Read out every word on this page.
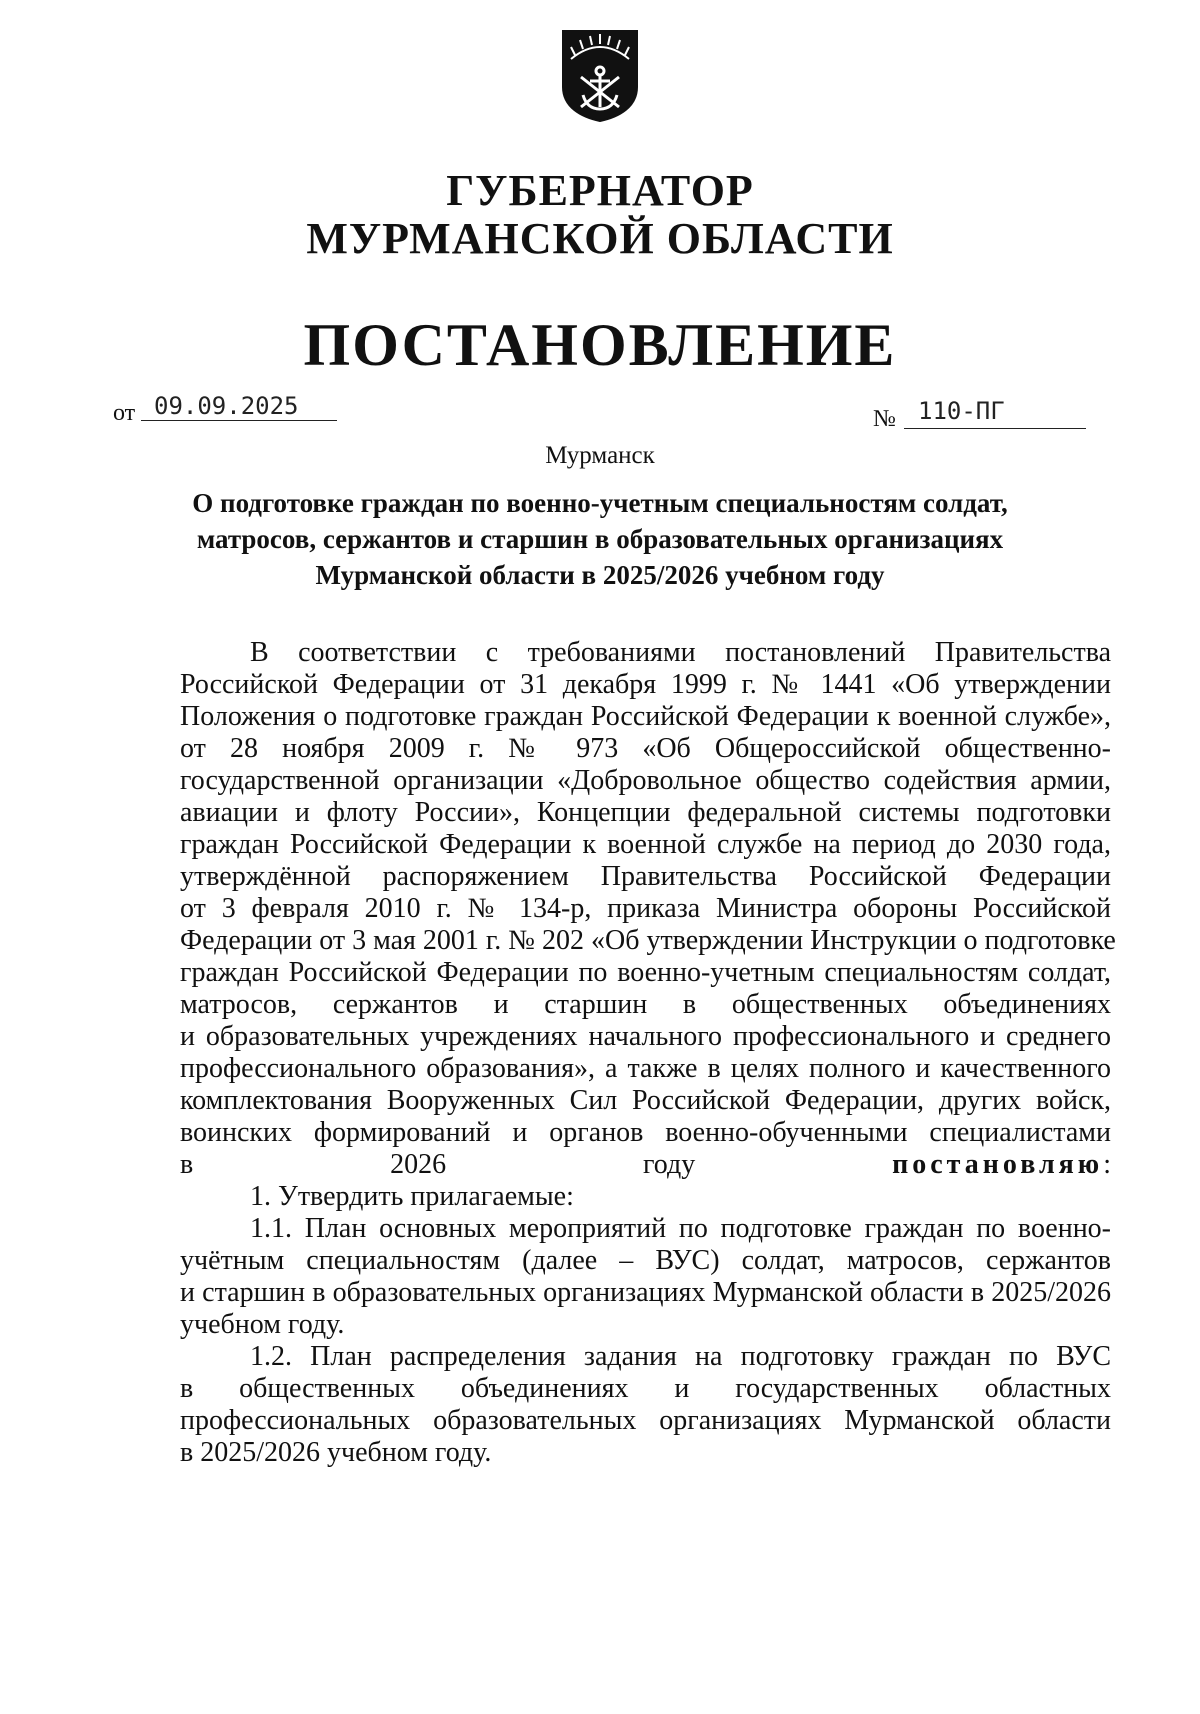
ГУБЕРНАТОР
МУРМАНСКОЙ ОБЛАСТИ
ПОСТАНОВЛЕНИЕ
от 09.09.2025	№ 110-ПГ
Мурманск
О подготовке граждан по военно-учетным специальностям солдат,
матросов, сержантов и старшин в образовательных организациях
Мурманской области в 2025/2026 учебном году
В соответствии с требованиями постановлений Правительства
Российской Федерации от 31 декабря 1999 г. № 1441 «Об утверждении
Положения о подготовке граждан Российской Федерации к военной службе»,
от 28 ноября 2009 г. № 973 «Об Общероссийской общественно-
государственной организации «Добровольное общество содействия армии,
авиации и флоту России», Концепции федеральной системы подготовки
граждан Российской Федерации к военной службе на период до 2030 года,
утверждённой распоряжением Правительства Российской Федерации
от 3 февраля 2010 г. № 134-р, приказа Министра обороны Российской
Федерации от 3 мая 2001 г. № 202 «Об утверждении Инструкции о подготовке
граждан Российской Федерации по военно-учетным специальностям солдат,
матросов, сержантов и старшин в общественных объединениях
и образовательных учреждениях начального профессионального и среднего
профессионального образования», а также в целях полного и качественного
комплектования Вооруженных Сил Российской Федерации, других войск,
воинских формирований и органов военно-обученными специалистами
в 2026 году постановляю:
1. Утвердить прилагаемые:
1.1. План основных мероприятий по подготовке граждан по военно-
учётным специальностям (далее – ВУС) солдат, матросов, сержантов
и старшин в образовательных организациях Мурманской области в 2025/2026
учебном году.
1.2. План распределения задания на подготовку граждан по ВУС
в общественных объединениях и государственных областных
профессиональных образовательных организациях Мурманской области
в 2025/2026 учебном году.
